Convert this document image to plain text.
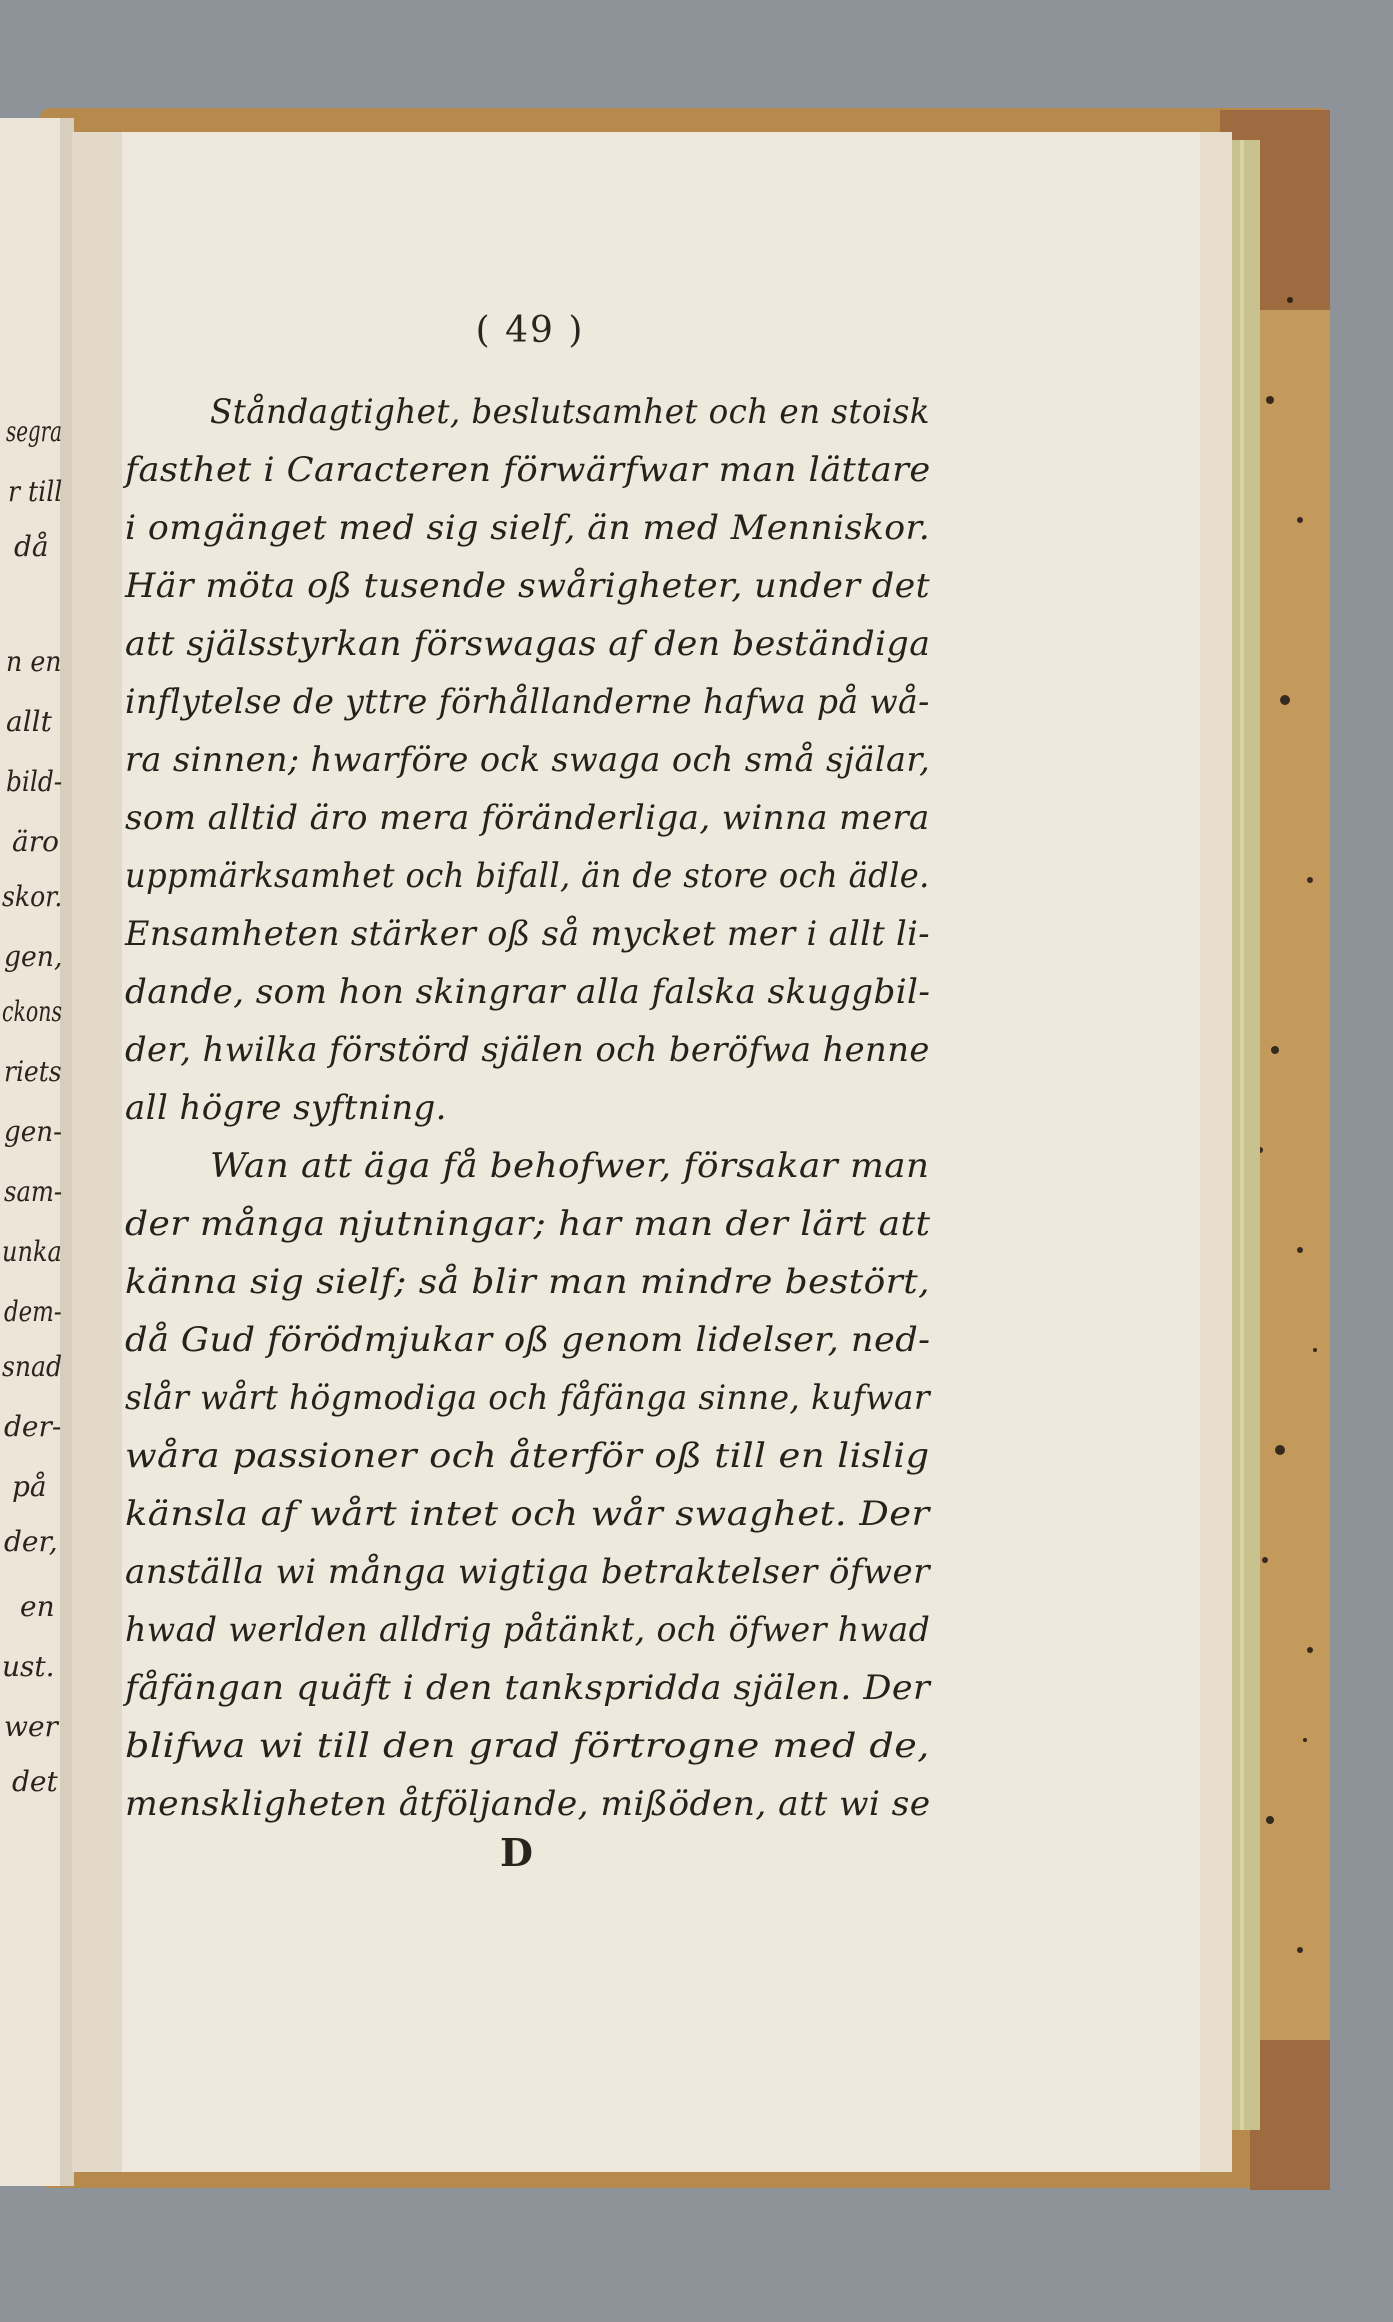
segra
r till
då
n en
allt
bild-
äro
skor.
gen,
ckons
riets
gen-
sam-
unka
dem-
snad
der-
på
der,
en
ust.
wer
det
( 49 )
Ståndagtighet, beslutsamhet och en stoisk
fasthet i Caracteren förwärfwar man lättare
i omgänget med sig sielf, än med Menniskor.
Här möta oß tusende swårigheter, under det
att själsstyrkan förswagas af den beständiga
inflytelse de yttre förhållanderne hafwa på wå-
ra sinnen; hwarföre ock swaga och små själar,
som alltid äro mera föränderliga, winna mera
uppmärksamhet och bifall, än de store och ädle.
Ensamheten stärker oß så mycket mer i allt li-
dande, som hon skingrar alla falska skuggbil-
der, hwilka förstörd själen och beröfwa henne
all högre syftning.
Wan att äga få behofwer, försakar man
der många njutningar; har man der lärt att
känna sig sielf; så blir man mindre bestört,
då Gud förödmjukar oß genom lidelser, ned-
slår wårt högmodiga och fåfänga sinne, kufwar
wåra passioner och återför oß till en lislig
känsla af wårt intet och wår swaghet. Der
anställa wi många wigtiga betraktelser öfwer
hwad werlden alldrig påtänkt, och öfwer hwad
fåfängan quäft i den tankspridda själen. Der
blifwa wi till den grad förtrogne med de,
menskligheten åtföljande, mißöden, att wi se
D
